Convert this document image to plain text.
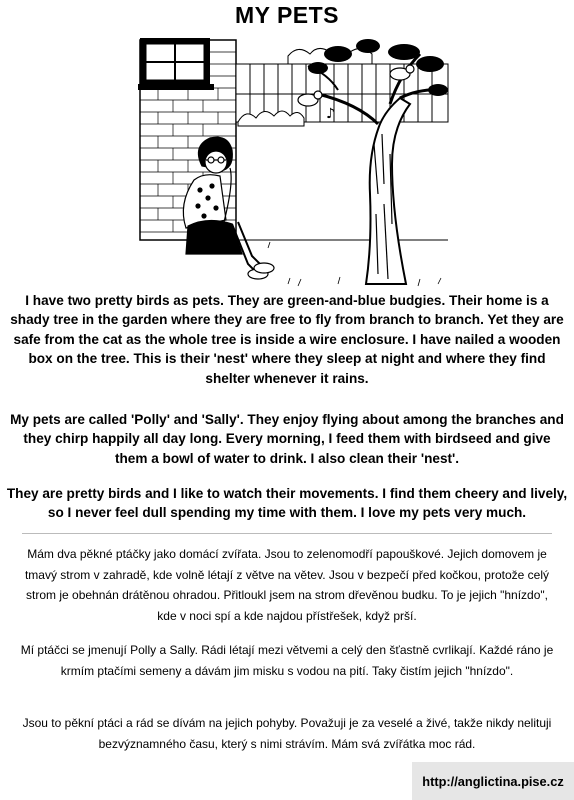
MY PETS
♪
I have two pretty birds as pets. They are green-and-blue budgies. Their home is a shady tree in the garden where they are free to fly from branch to branch. Yet they are safe from the cat as the whole tree is inside a wire enclosure. I have nailed a wooden box on the tree. This is their 'nest' where they sleep at night and where they find shelter whenever it rains.
My pets are called 'Polly' and 'Sally'. They enjoy flying about among the branches and they chirp happily all day long. Every morning, I feed them with birdseed and give them a bowl of water to drink. I also clean their 'nest'.
They are pretty birds and I like to watch their movements. I find them cheery and lively, so I never feel dull spending my time with them. I love my pets very much.
Mám dva pěkné ptáčky jako domácí zvířata. Jsou to zelenomodří papouškové. Jejich domovem je tmavý strom v zahradě, kde volně létají z větve na větev. Jsou v bezpečí před kočkou, protože celý strom je obehnán drátěnou ohradou. Přitloukl jsem na strom dřevěnou budku. To je jejich "hnízdo", kde v noci spí a kde najdou přístřešek, když prší.
Mí ptáčci se jmenují Polly a Sally. Rádi létají mezi větvemi a celý den šťastně cvrlikají. Každé ráno je krmím ptačími semeny a dávám jim misku s vodou na pití. Taky čistím jejich "hnízdo".
Jsou to pěkní ptáci a rád se dívám na jejich pohyby. Považuji je za veselé a živé, takže nikdy nelituji bezvýznamného času, který s nimi strávím. Mám svá zvířátka moc rád.
http://anglictina.pise.cz
